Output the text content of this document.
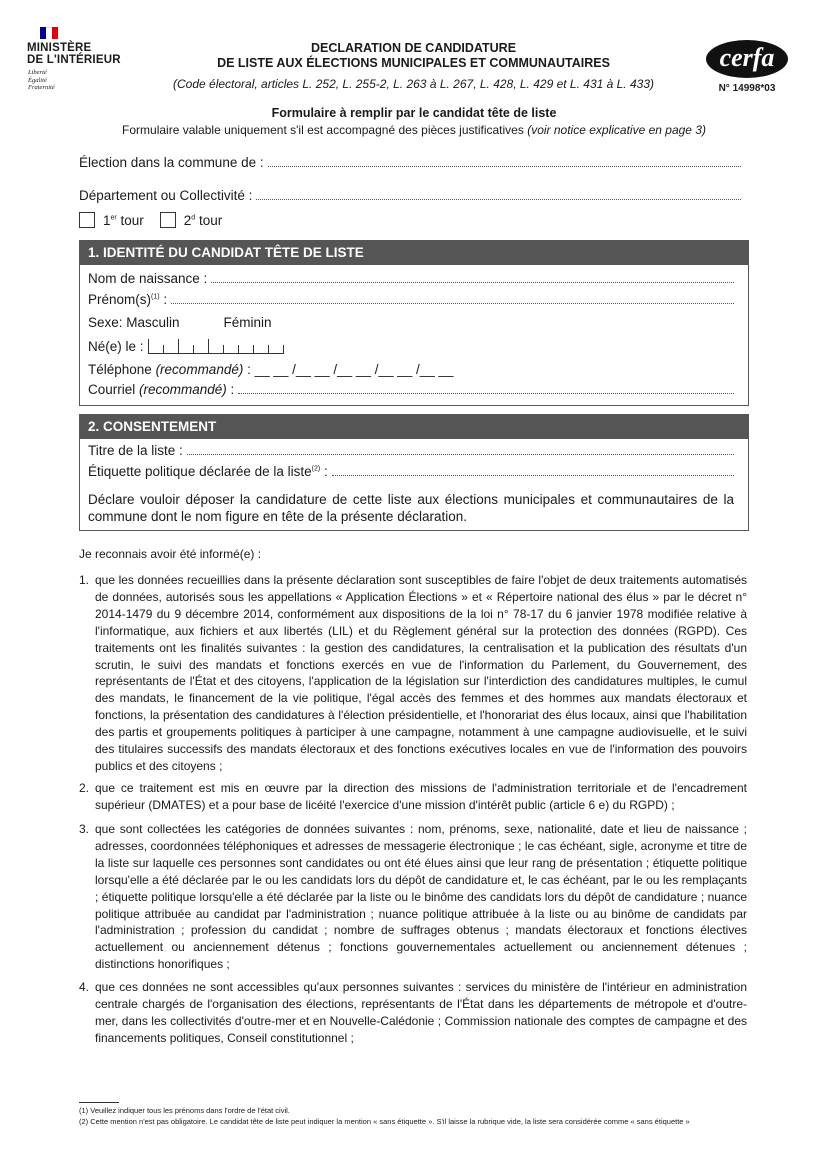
MINISTÈRE
DE L'INTÉRIEUR
Liberté
Égalité
Fraternité
DECLARATION DE CANDIDATURE
DE LISTE AUX ÉLECTIONS MUNICIPALES ET COMMUNAUTAIRES
(Code électoral, articles L. 252, L. 255-2, L. 263 à L. 267, L. 428, L. 429 et L. 431 à L. 433)
cerfa
N° 14998*03
Formulaire à remplir par le candidat tête de liste
Formulaire valable uniquement s'il est accompagné des pièces justificatives (voir notice explicative en page 3)
Élection dans la commune de :
Département ou Collectivité :
1er tour	2$^d$ tour
1. IDENTITÉ DU CANDIDAT TÊTE DE LISTE
Nom de naissance :
$Prénom(s)^{(1)}$ :
Sexe: Masculin	Féminin
Né(e) le :
Téléphone (recommandé) : __ __ /__ __ /__ __ /__ __ /__ __
Courriel (recommandé) :
2. CONSENTEMENT
Titre de la liste :
Étiquette politique déclarée de la liste$^{(2)}$ :
Déclare vouloir déposer la candidature de cette liste aux élections municipales et communautaires de la commune dont le nom figure en tête de la présente déclaration.
Je reconnais avoir été informé(e) :
1. que les données recueillies dans la présente déclaration sont susceptibles de faire l'objet de deux traitements automatisés de données, autorisés sous les appellations « Application Élections » et « Répertoire national des élus » par le décret n° 2014-1479 du 9 décembre 2014, conformément aux dispositions de la loi n° 78-17 du 6 janvier 1978 modifiée relative à l'informatique, aux fichiers et aux libertés (LIL) et du Règlement général sur la protection des données (RGPD). Ces traitements ont les finalités suivantes : la gestion des candidatures, la centralisation et la publication des résultats d'un scrutin, le suivi des mandats et fonctions exercés en vue de l'information du Parlement, du Gouvernement, des représentants de l'État et des citoyens, l'application de la législation sur l'interdiction des candidatures multiples, le cumul des mandats, le financement de la vie politique, l'égal accès des femmes et des hommes aux mandats électoraux et fonctions, la présentation des candidatures à l'élection présidentielle, et l'honorariat des élus locaux, ainsi que l'habilitation des partis et groupements politiques à participer à une campagne, notamment à une campagne audiovisuelle, et le suivi des titulaires successifs des mandats électoraux et des fonctions exécutives locales en vue de l'information des pouvoirs publics et des citoyens ;
2. que ce traitement est mis en œuvre par la direction des missions de l'administration territoriale et de l'encadrement supérieur (DMATES) et a pour base de licéité l'exercice d'une mission d'intérêt public (article 6 e) du RGPD) ;
3. que sont collectées les catégories de données suivantes : nom, prénoms, sexe, nationalité, date et lieu de naissance ; adresses, coordonnées téléphoniques et adresses de messagerie électronique ; le cas échéant, sigle, acronyme et titre de la liste sur laquelle ces personnes sont candidates ou ont été élues ainsi que leur rang de présentation ; étiquette politique lorsqu'elle a été déclarée par le ou les candidats lors du dépôt de candidature et, le cas échéant, par le ou les remplaçants ; étiquette politique lorsqu'elle a été déclarée par la liste ou le binôme des candidats lors du dépôt de candidature ; nuance politique attribuée au candidat par l'administration ; nuance politique attribuée à la liste ou au binôme de candidats par l'administration ; profession du candidat ; nombre de suffrages obtenus ; mandats électoraux et fonctions électives actuellement ou anciennement détenus ; fonctions gouvernementales actuellement ou anciennement détenues ; distinctions honorifiques ;
4. que ces données ne sont accessibles qu'aux personnes suivantes : services du ministère de l'intérieur en administration centrale chargés de l'organisation des élections, représentants de l'État dans les départements de métropole et d'outre-mer, dans les collectivités d'outre-mer et en Nouvelle-Calédonie ; Commission nationale des comptes de campagne et des financements politiques, Conseil constitutionnel ;
(1) Veuillez indiquer tous les prénoms dans l'ordre de l'état civil.
(2) Cette mention n'est pas obligatoire. Le candidat tête de liste peut indiquer la mention « sans étiquette ». S'il laisse la rubrique vide, la liste sera considérée comme « sans étiquette »
